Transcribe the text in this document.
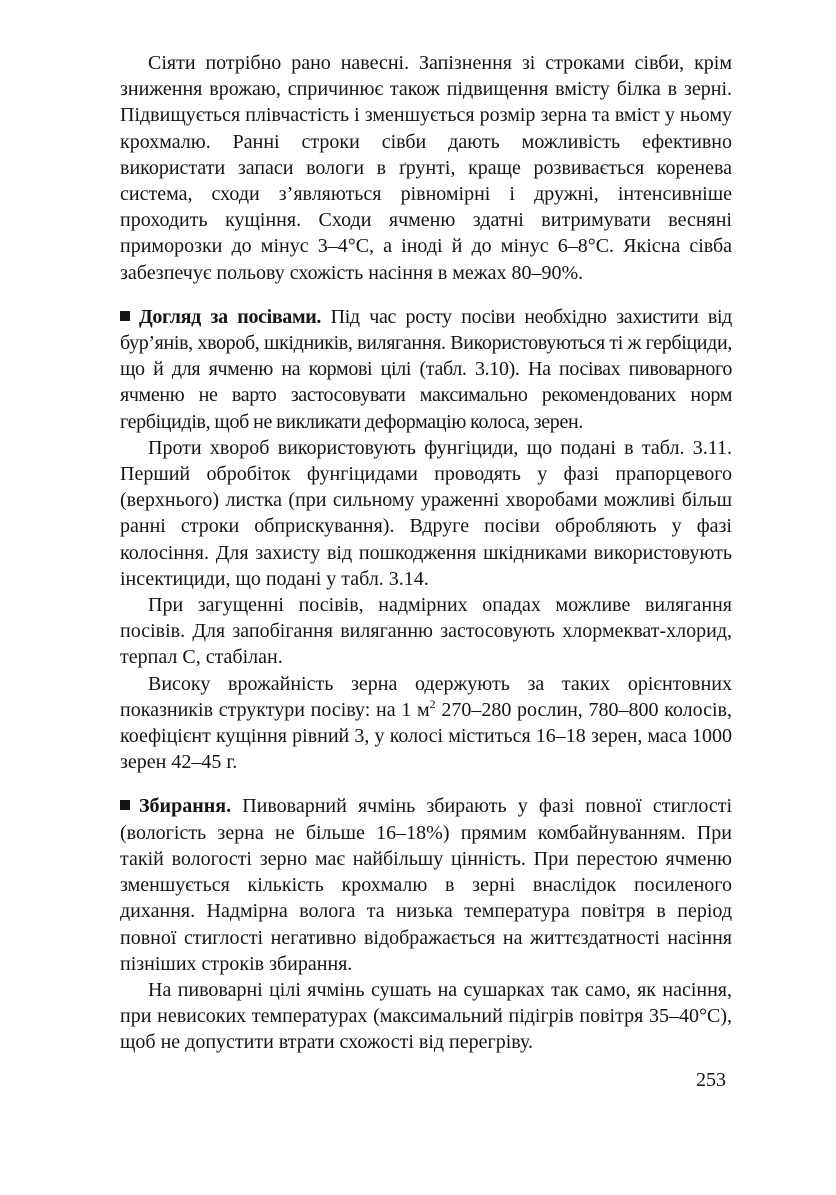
Сіяти потрібно рано навесні. Запізнення зі строками сівби, крім зниження врожаю, спричинює також підвищення вмісту білка в зерні. Підвищується плівчастість і зменшується розмір зерна та вміст у ньому крохмалю. Ранні строки сівби дають можливість ефективно використати запаси вологи в ґрунті, краще розвивається коренева система, сходи з’являються рівномірні і дружні, інтенсивніше проходить кущіння. Сходи ячменю здатні витримувати весняні приморозки до мінус 3–4°С, а іноді й до мінус 6–8°С. Якісна сівба забезпечує польову схожість насіння в межах 80–90%.

Догляд за посівами. Під час росту посіви необхідно захистити від бур’янів, хвороб, шкідників, вилягання. Використовуються ті ж гербіциди, що й для ячменю на кормові цілі (табл. 3.10). На посівах пивоварного ячменю не варто застосовувати максимально рекомендованих норм гербіцидів, щоб не викликати деформацію колоса, зерен.

Проти хвороб використовують фунгіциди, що подані в табл. 3.11. Перший обробіток фунгіцидами проводять у фазі прапорцевого (верхнього) листка (при сильному ураженні хворобами можливі більш ранні строки обприскування). Вдруге посіви обробляють у фазі колосіння. Для захисту від пошкодження шкідниками використовують інсектициди, що подані у табл. 3.14.

При загущенні посівів, надмірних опадах можливе вилягання посівів. Для запобігання виляганню застосовують хлормекват-хлорид, терпал С, стабілан.

Високу врожайність зерна одержують за таких орієнтовних показників структури посіву: на 1 $м^2$ 270–280 рослин, 780–800 колосів, коефіцієнт кущіння рівний 3, у колосі міститься 16–18 зерен, маса 1000 зерен 42–45 г.

Збирання. Пивоварний ячмінь збирають у фазі повної стиглості (вологість зерна не більше 16–18%) прямим комбайнуванням. При такій вологості зерно має найбільшу цінність. При перестою ячменю зменшується кількість крохмалю в зерні внаслідок посиленого дихання. Надмірна волога та низька температура повітря в період повної стиглості негативно відображається на життєздатності насіння пізніших строків збирання.

На пивоварні цілі ячмінь сушать на сушарках так само, як насіння, при невисоких температурах (максимальний підігрів повітря 35–40°С), щоб не допустити втрати схожості від перегріву.

253
